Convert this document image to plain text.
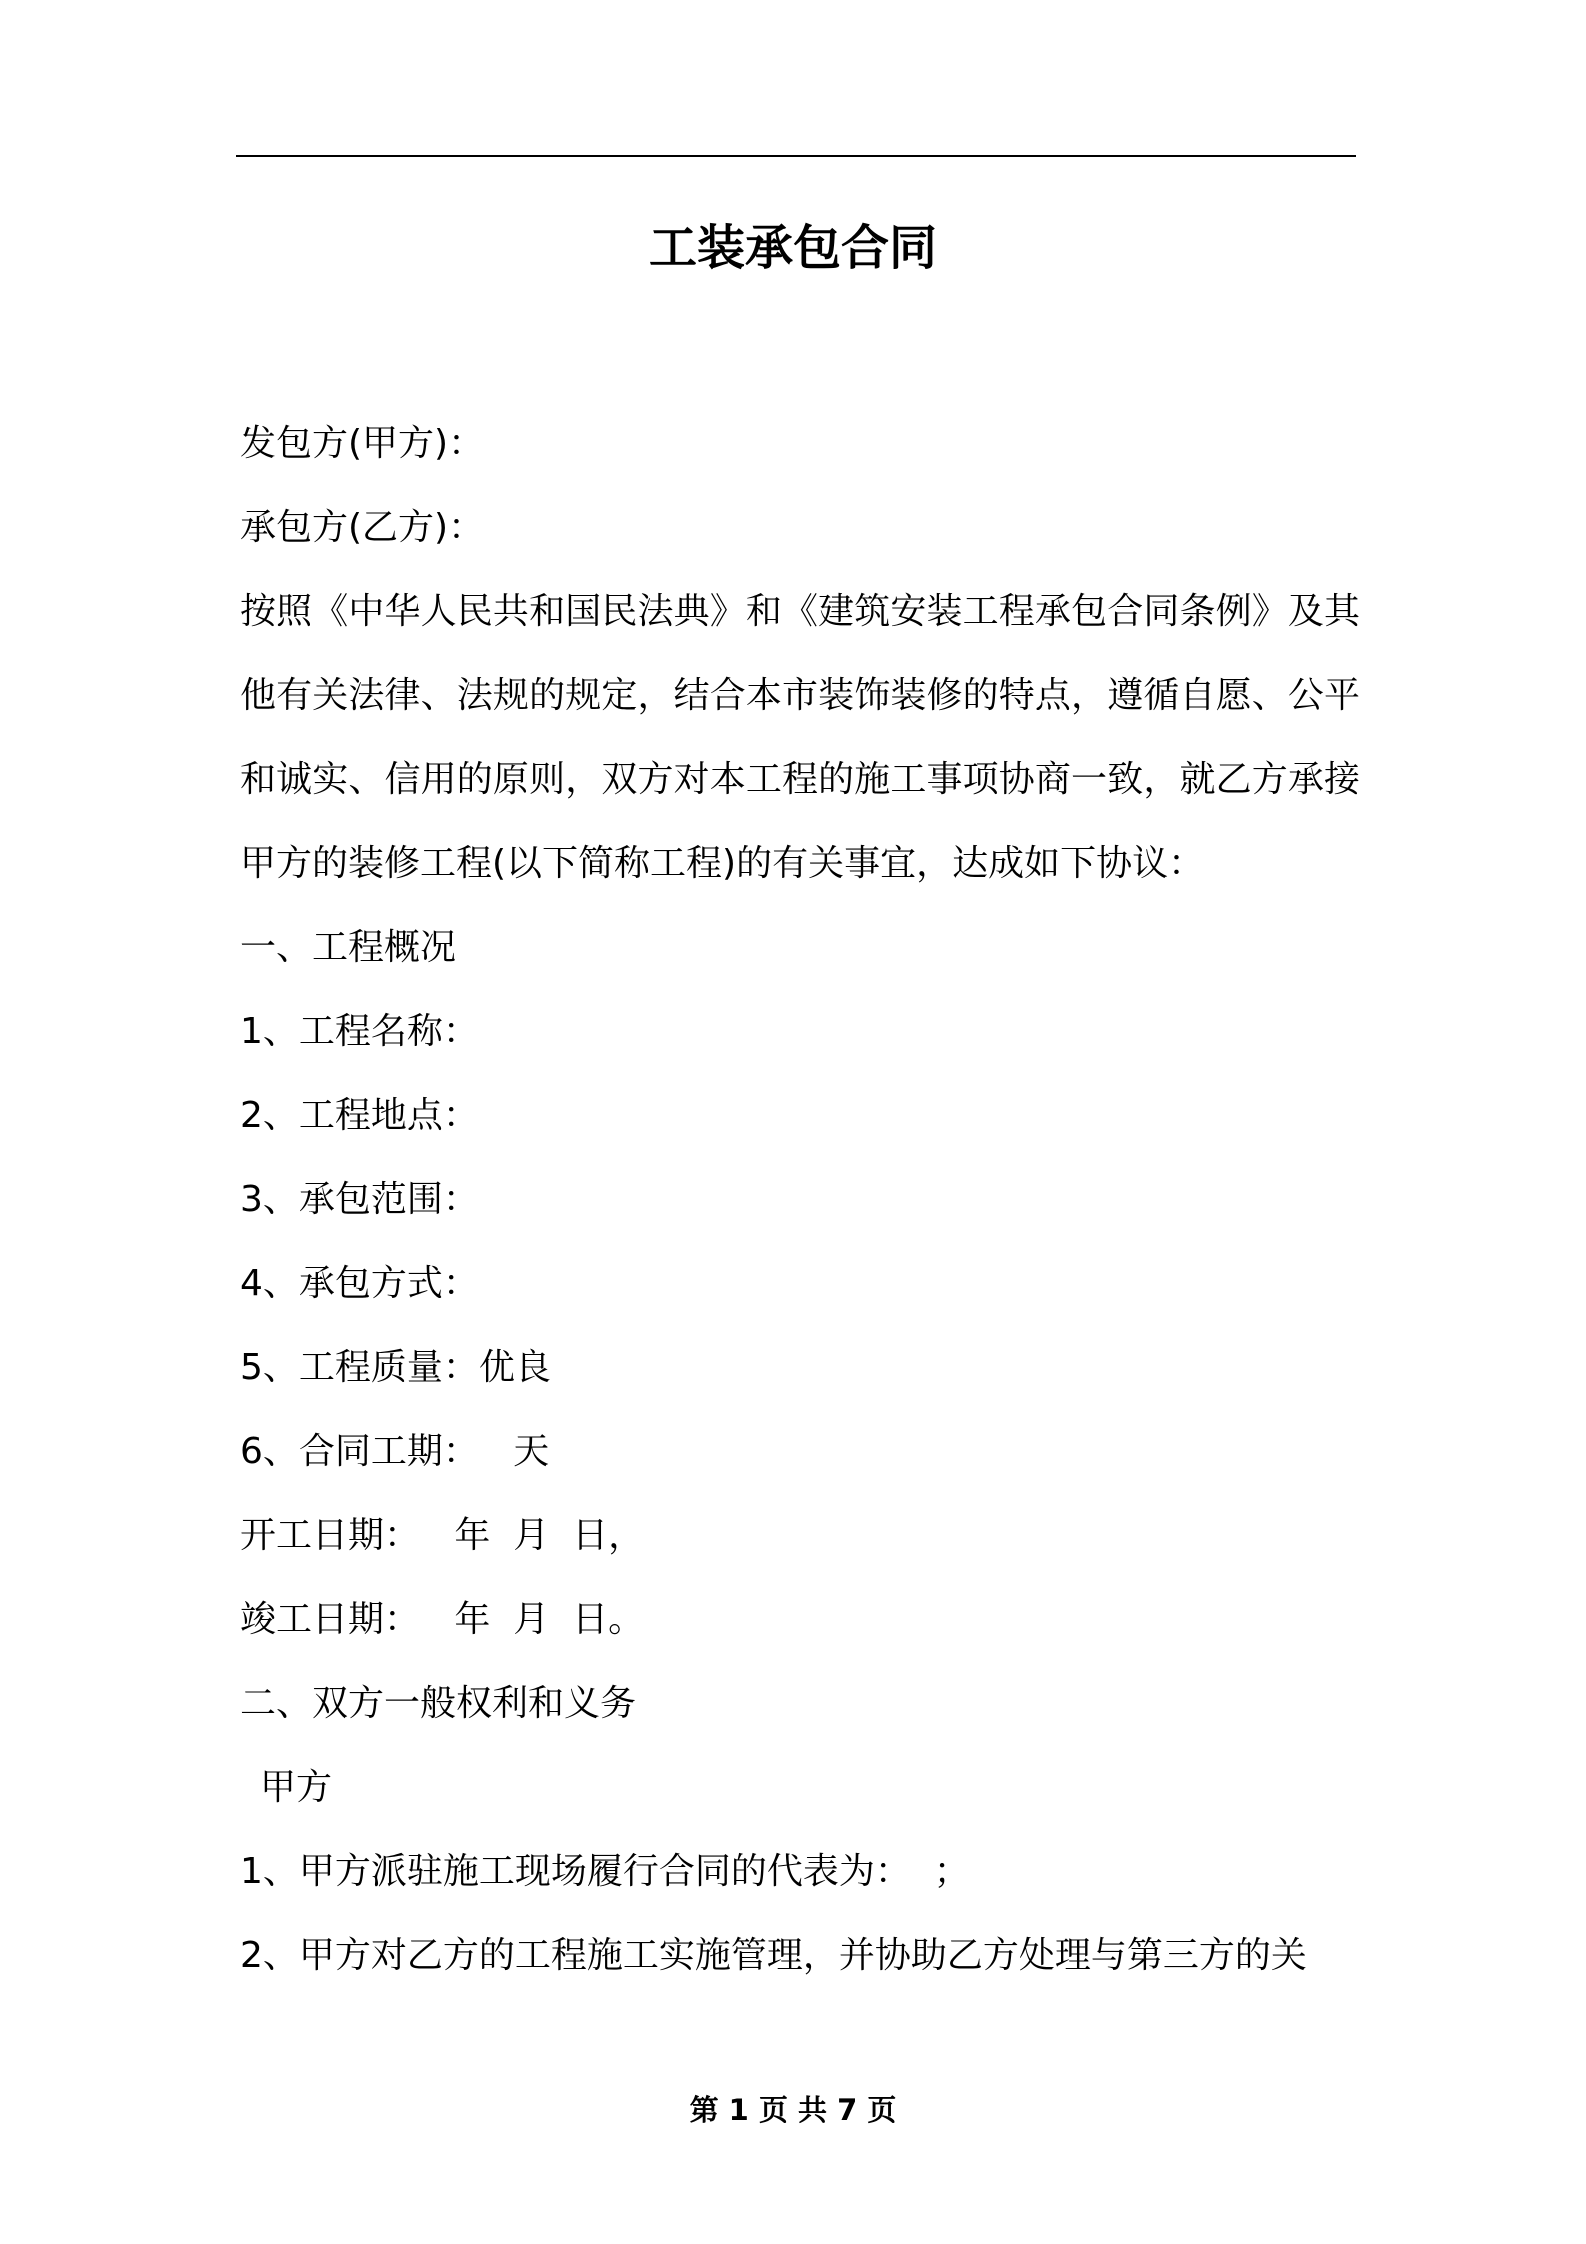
工装承包合同

发包方(甲方)：

承包方(乙方)：

按照《中华人民共和国民法典》和《建筑安装工程承包合同条例》及其他有关法律、法规的规定，结合本市装饰装修的特点，遵循自愿、公平和诚实、信用的原则，双方对本工程的施工事项协商一致，就乙方承接甲方的装修工程(以下简称工程)的有关事宜，达成如下协议：

一、工程概况

1、工程名称：

2、工程地点：

3、承包范围：

4、承包方式：

5、工程质量：优良

6、合同工期：   天

开工日期：   年  月  日，

竣工日期：   年  月  日。

二、双方一般权利和义务

甲方

1、甲方派驻施工现场履行合同的代表为：  ；

2、甲方对乙方的工程施工实施管理，并协助乙方处理与第三方的关

第 1 页 共 7 页
